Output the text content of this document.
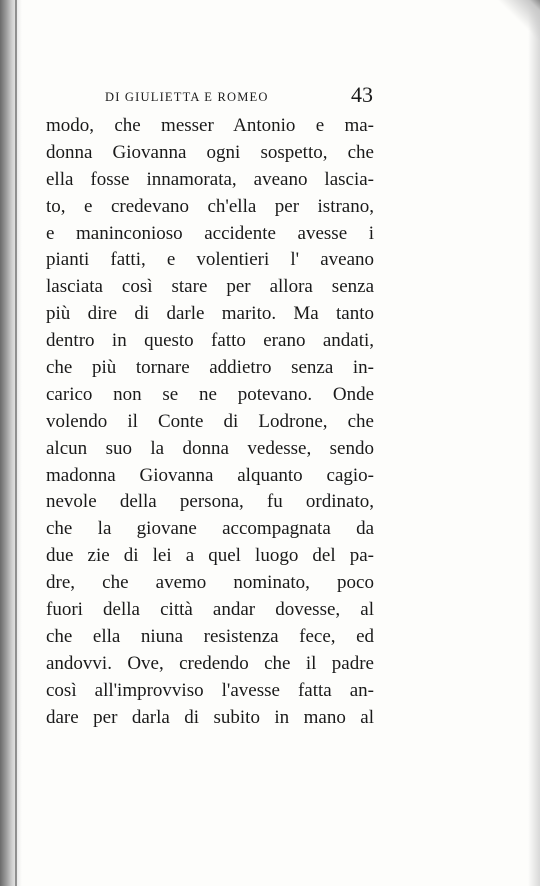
DI GIULIETTA E ROMEO	43
modo, che messer Antonio e ma-
donna Giovanna ogni sospetto, che
ella fosse innamorata, aveano lascia-
to, e credevano ch'ella per istrano,
e maninconioso accidente avesse i
pianti fatti, e volentieri l' aveano
lasciata così stare per allora senza
più dire di darle marito. Ma tanto
dentro in questo fatto erano andati,
che più tornare addietro senza in-
carico non se ne potevano. Onde
volendo il Conte di Lodrone, che
alcun suo la donna vedesse, sendo
madonna Giovanna alquanto cagio-
nevole della persona, fu ordinato,
che la giovane accompagnata da
due zie di lei a quel luogo del pa-
dre, che avemo nominato, poco
fuori della città andar dovesse, al
che ella niuna resistenza fece, ed
andovvi. Ove, credendo che il padre
così all'improvviso l'avesse fatta an-
dare per darla di subito in mano al
